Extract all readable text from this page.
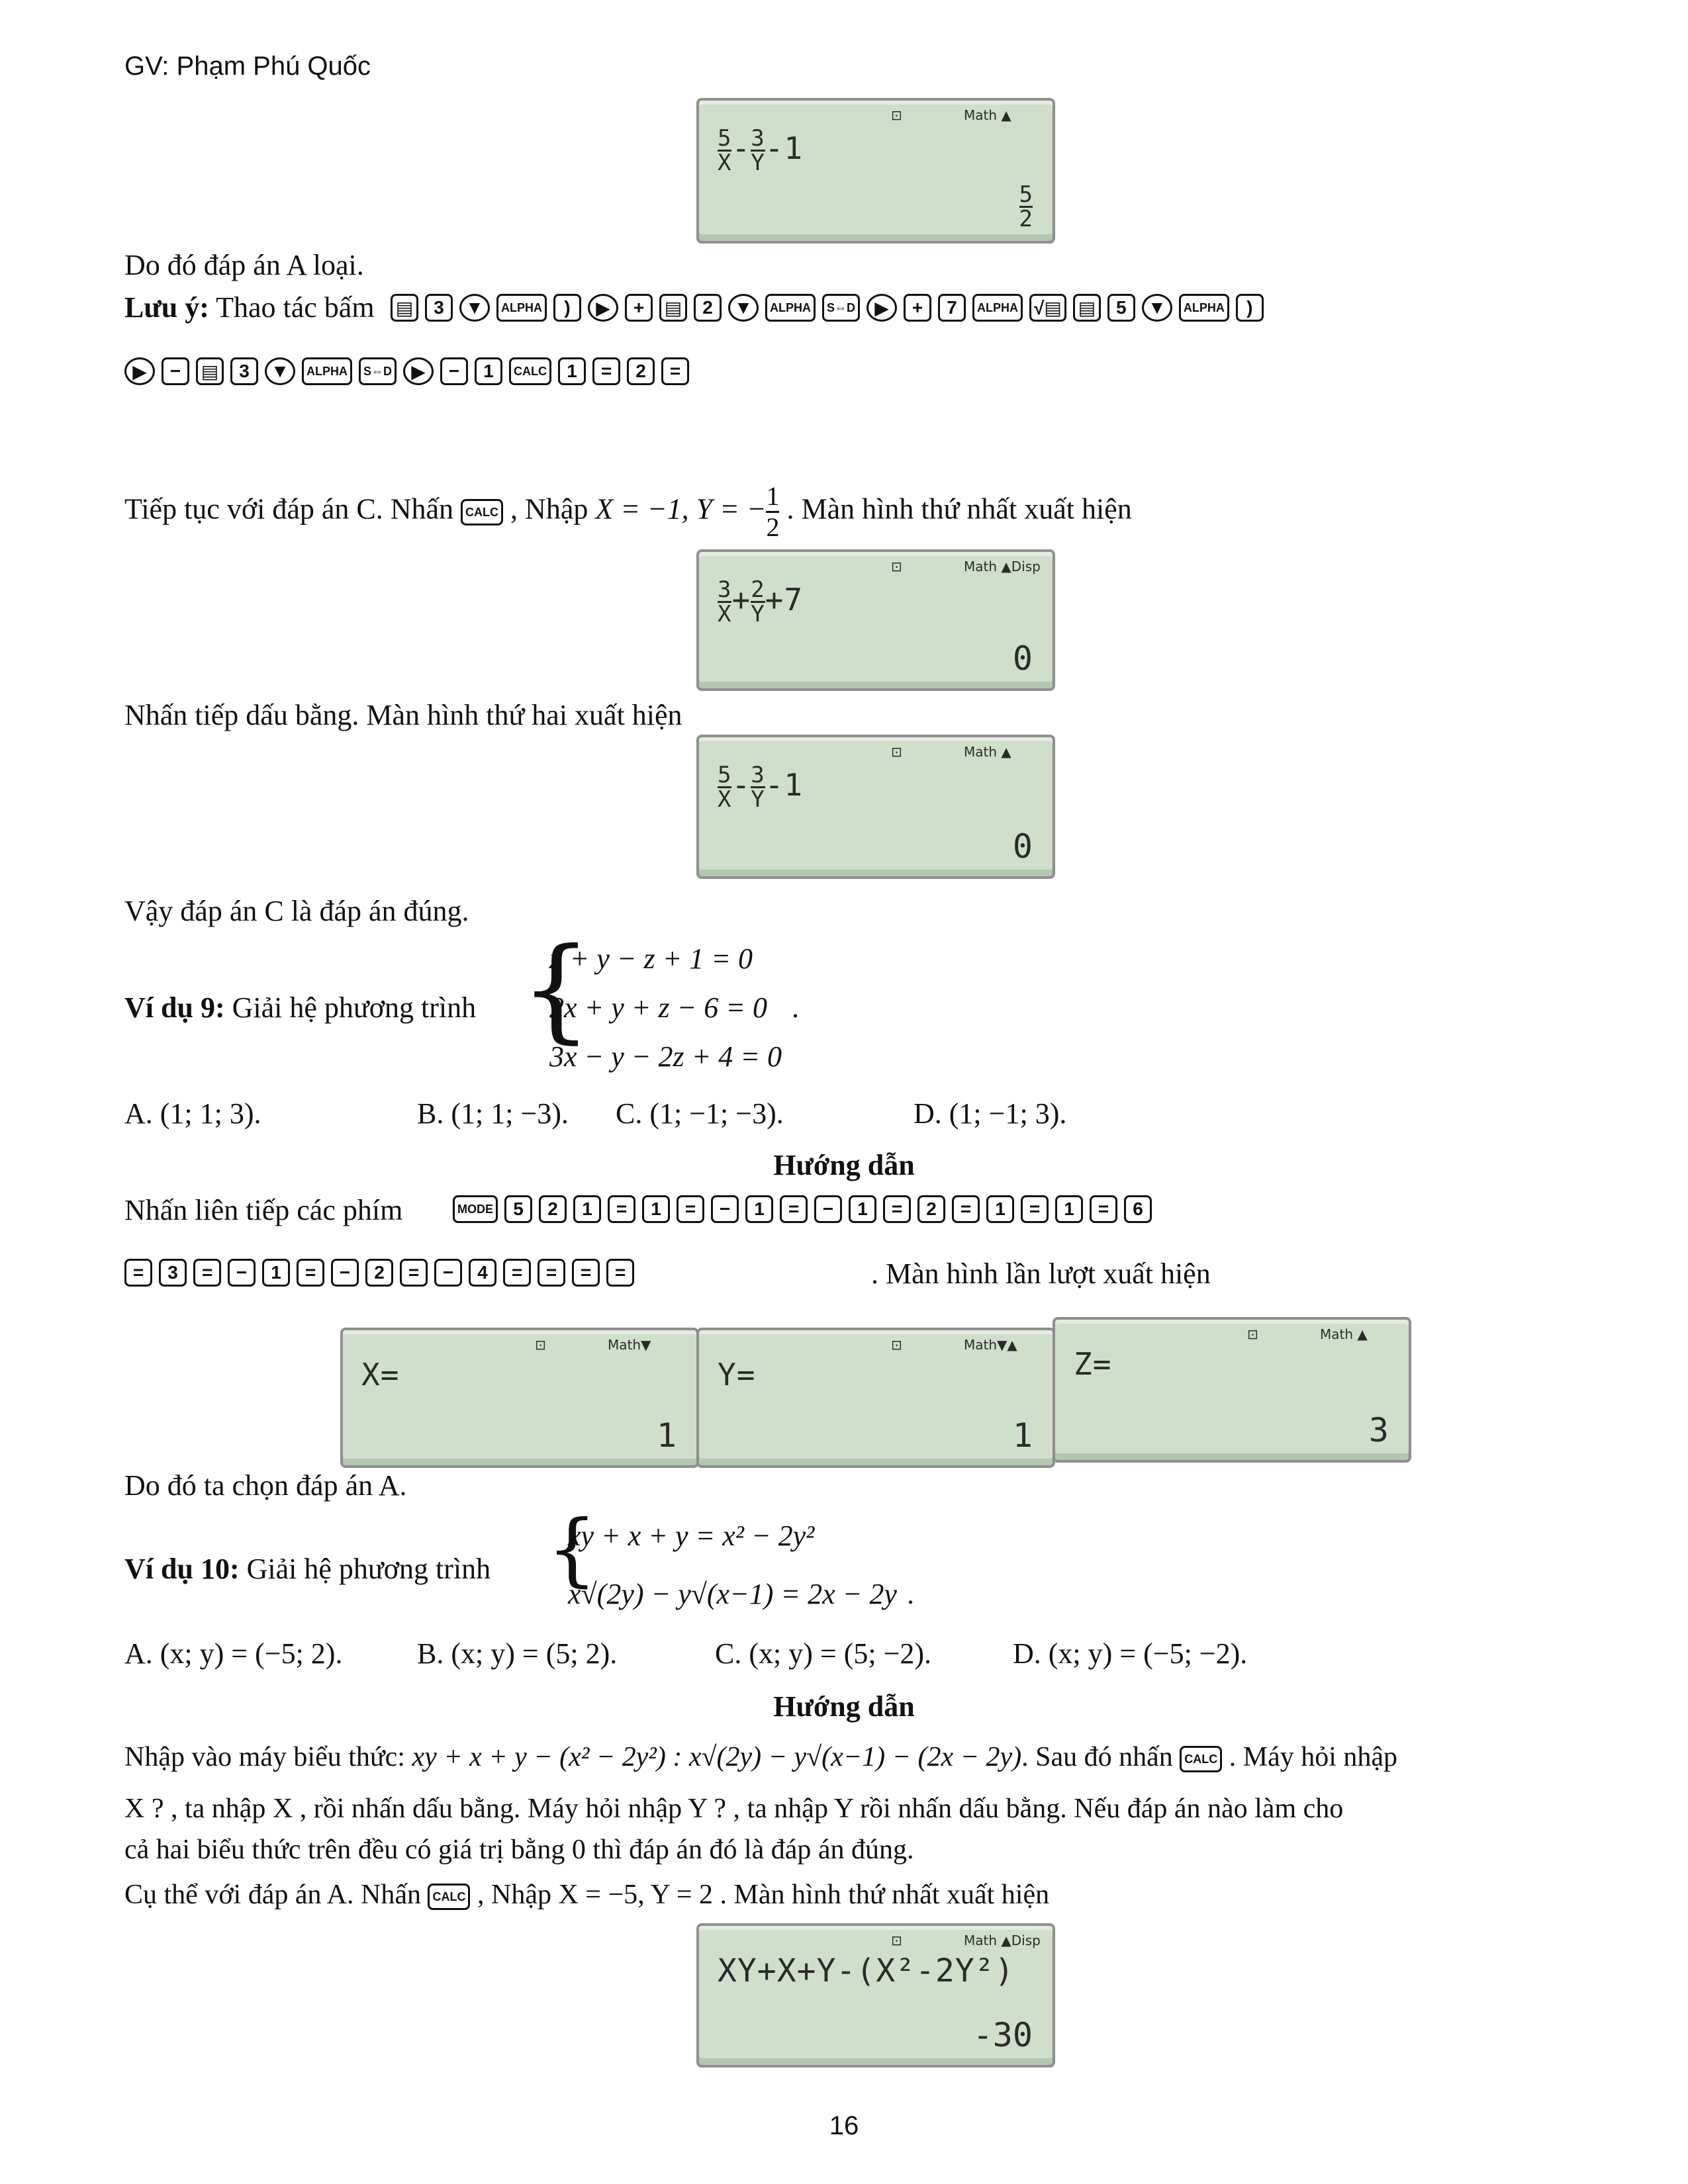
GV: Phạm Phú Quốc
⊡	Math ▲
$\frac{5}{X} - \frac{3}{Y} -1$
$\frac{5}{2}$
Do đó đáp án A loại.
Lưu ý: Thao tác bấm ▤	3	▼	ALPHA	)	▶	+	▤	2	▼	ALPHA	S⇔D	▶	+	7	ALPHA √▤ ▤	5	▼	ALPHA	)
▶	−	▤	3	▼	ALPHA	S⇔D	▶	−	1	CALC	1	=	2	=
Tiếp tục với đáp án C. Nhấn CALC , Nhập X = −1, Y = − $\frac{1}{2}$ . Màn hình thứ nhất xuất hiện
⊡	Math ▲Disp
$\frac{3}{X} + \frac{2}{Y} +7$
0
Nhấn tiếp dấu bằng. Màn hình thứ hai xuất hiện
⊡	Math ▲
$\frac{5}{X} - \frac{3}{Y} -1$
0
Vậy đáp án C là đáp án đúng.
Ví dụ 9: Giải hệ phương trình {
x + y − z + 1 = 0
2x + y + z − 6 = 0
3x − y − 2z + 4 = 0
.
A. (1; 1; 3).	B. (1; 1; −3). C. (1; −1; −3).	D. (1; −1; 3).
Hướng dẫn
Nhấn liên tiếp các phím	MODE	5	2	1	=	1	=	−	1	=	−	1	=	2	=	1	=	1	=	6
=	3	=	−	1	=	−	2	=	−	4	=	=	=	=	. Màn hình lần lượt xuất hiện
⊡	Math▼
X=
1
⊡	Math▼▲
Y=
1
⊡	Math ▲
Z=
3
Do đó ta chọn đáp án A.
Ví dụ 10: Giải hệ phương trình {
xy + x + y = x² − 2y²
x√(2y) − y√(x−1) = 2x − 2y .
A. (x; y) = (−5; 2).	B. (x; y) = (5; 2).	C. (x; y) = (5; −2).	D. (x; y) = (−5; −2).
Hướng dẫn
Nhập vào máy biểu thức: xy + x + y − (x² − 2y²) : x√(2y) − y√(x−1) − (2x − 2y). Sau đó nhấn CALC . Máy hỏi nhập
X ? , ta nhập X , rồi nhấn dấu bằng. Máy hỏi nhập Y ? , ta nhập Y rồi nhấn dấu bằng. Nếu đáp án nào làm cho
cả hai biểu thức trên đều có giá trị bằng 0 thì đáp án đó là đáp án đúng.
Cụ thể với đáp án A. Nhấn CALC , Nhập X = −5, Y = 2 . Màn hình thứ nhất xuất hiện
⊡	Math ▲Disp
XY+X+Y-(X²-2Y²)
-30
16
